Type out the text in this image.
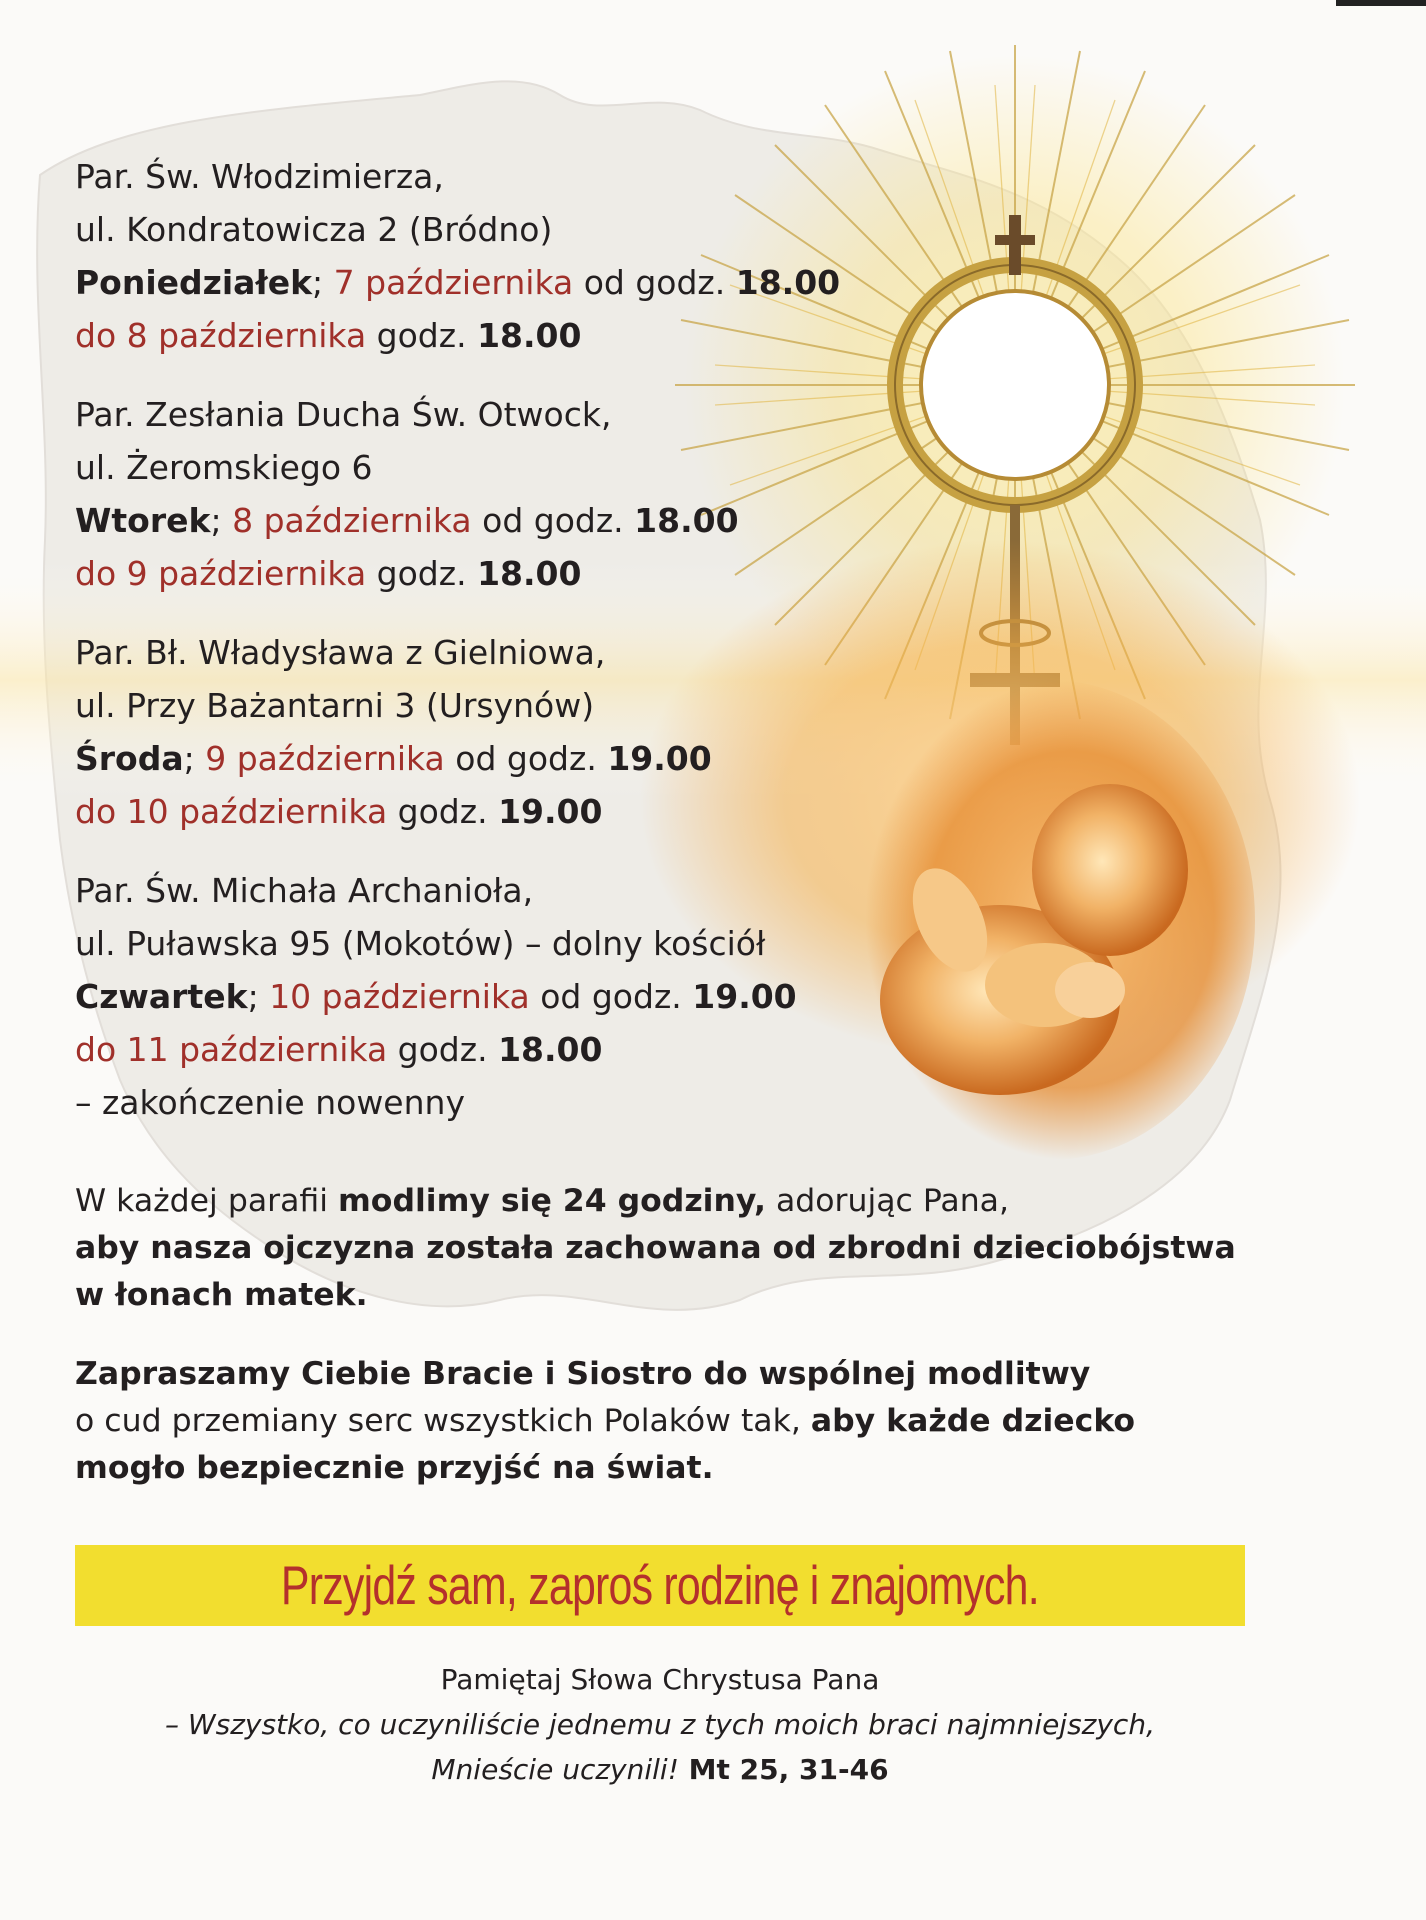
Par. Św. Włodzimierza,
ul. Kondratowicza 2 (Bródno)
Poniedziałek; 7 października od godz. 18.00
do 8 października godz. 18.00
Par. Zesłania Ducha Św. Otwock,
ul. Żeromskiego 6
Wtorek; 8 października od godz. 18.00
do 9 października godz. 18.00
Par. Bł. Władysława z Gielniowa,
ul. Przy Bażantarni 3 (Ursynów)
Środa; 9 października od godz. 19.00
do 10 października godz. 19.00
Par. Św. Michała Archanioła,
ul. Puławska 95 (Mokotów) – dolny kościół
Czwartek; 10 października od godz. 19.00
do 11 października godz. 18.00
– zakończenie nowenny
W każdej parafii modlimy się 24 godziny, adorując Pana,
aby nasza ojczyzna została zachowana od zbrodni dzieciobójstwa
w łonach matek.
Zapraszamy Ciebie Bracie i Siostro do wspólnej modlitwy
o cud przemiany serc wszystkich Polaków tak, aby każde dziecko
mogło bezpiecznie przyjść na świat.
Przyjdź sam, zaproś rodzinę i znajomych.
Pamiętaj Słowa Chrystusa Pana
– Wszystko, co uczyniliście jednemu z tych moich braci najmniejszych,
Mnieście uczynili! Mt 25, 31-46
